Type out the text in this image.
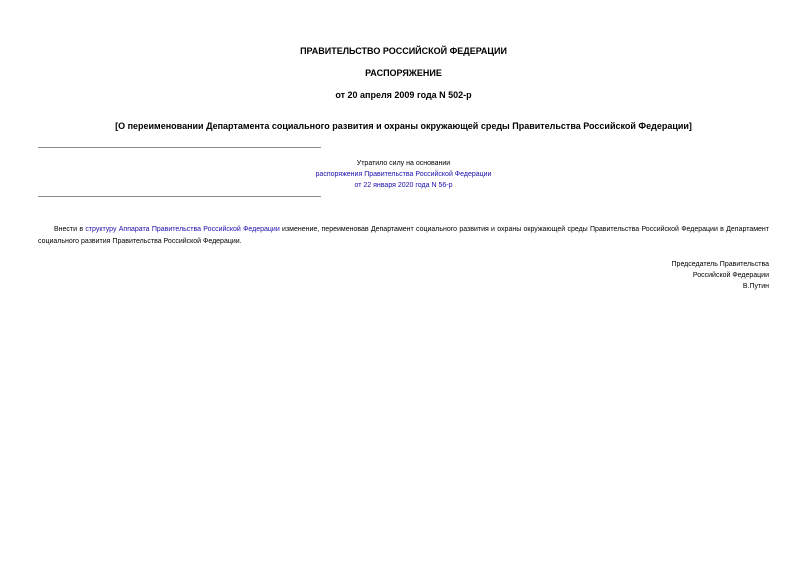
ПРАВИТЕЛЬСТВО РОССИЙСКОЙ ФЕДЕРАЦИИ
РАСПОРЯЖЕНИЕ
от 20 апреля 2009 года N 502-р
[О переименовании Департамента социального развития и охраны окружающей среды Правительства Российской Федерации]
Утратило силу на основании
распоряжения Правительства Российской Федерации
от 22 января 2020 года N 56-р

Внести в структуру Аппарата Правительства Российской Федерации изменение, переименовав Департамент социального развития и охраны окружающей среды Правительства Российской Федерации в Департамент социального развития Правительства Российской Федерации.

Председатель Правительства
Российской Федерации
В.Путин
